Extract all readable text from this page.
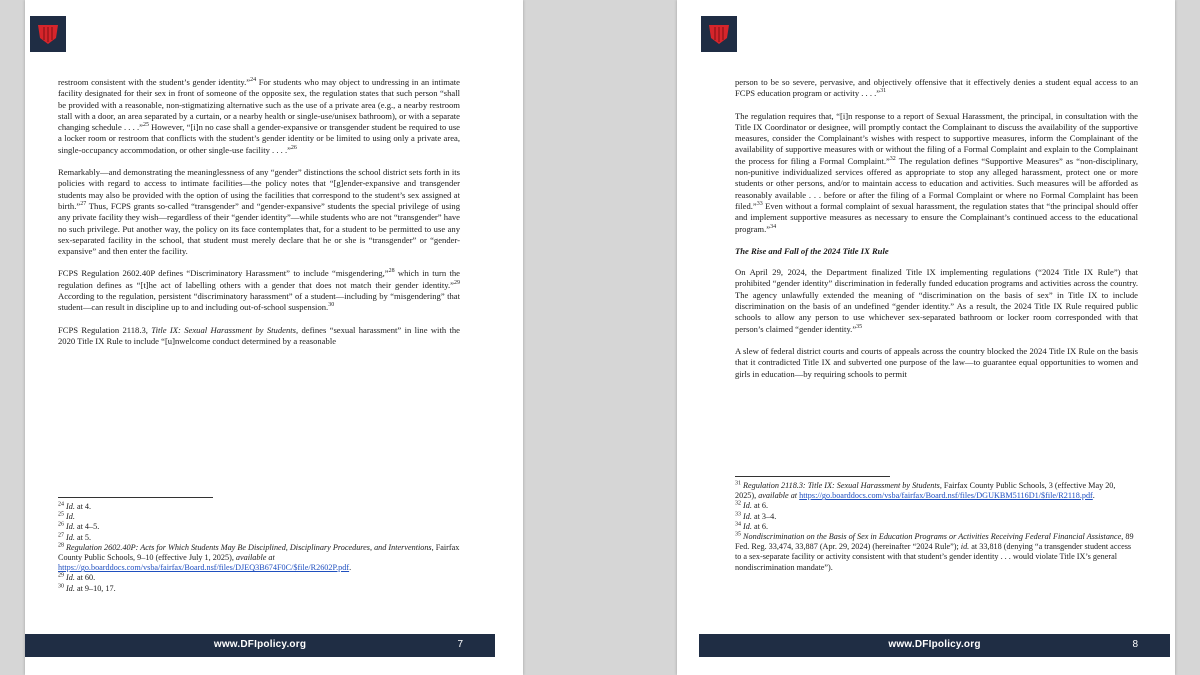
restroom consistent with the student’s gender identity.”$^{24}$ For students who may object to undressing in an intimate facility designated for their sex in front of someone of the opposite sex, the regulation states that such person “shall be provided with a reasonable, non-stigmatizing alternative such as the use of a private area (e.g., a nearby restroom stall with a door, an area separated by a curtain, or a nearby health or single-use/unisex bathroom), or with a separate changing schedule . . . .”$^{25}$ However, “[i]n no case shall a gender-expansive or transgender student be required to use a locker room or restroom that conflicts with the student’s gender identity or be limited to using only a private area, single-occupancy accommodation, or other single-use facility . . . .”$^{26}$

Remarkably—and demonstrating the meaninglessness of any “gender” distinctions the school district sets forth in its policies with regard to access to intimate facilities—the policy notes that “[g]ender-expansive and transgender students may also be provided with the option of using the facilities that correspond to the student’s sex assigned at birth.”$^{27}$ Thus, FCPS grants so-called “transgender” and “gender-expansive” students the special privilege of using any private facility they wish—regardless of their “gender identity”—while students who are not “transgender” have no such privilege. Put another way, the policy on its face contemplates that, for a student to be permitted to use any sex-separated facility in the school, that student must merely declare that he or she is “transgender” or “gender-expansive” and then enter the facility.

FCPS Regulation 2602.40P defines “Discriminatory Harassment” to include “misgendering,”$^{28}$ which in turn the regulation defines as “[t]he act of labelling others with a gender that does not match their gender identity.”$^{29}$ According to the regulation, persistent “discriminatory harassment” of a student—including by “misgendering” that student—can result in discipline up to and including out-of-school suspension.$^{30}$

FCPS Regulation 2118.3, Title IX: Sexual Harassment by Students, defines “sexual harassment” in line with the 2020 Title IX Rule to include “[u]nwelcome conduct determined by a reasonable

$^{24}$ Id. at 4.

$^{25}$ Id.

$^{26}$ Id. at 4–5.

$^{27}$ Id. at 5.

$^{28}$ Regulation 2602.40P: Acts for Which Students May Be Disciplined, Disciplinary Procedures, and Interventions, Fairfax County Public Schools, 9–10 (effective July 1, 2025), available at https://go.boarddocs.com/vsba/fairfax/Board.nsf/files/DJEQ3B674F0C/$file/R2602P.pdf.

$^{29}$ Id. at 60.

$^{30}$ Id. at 9–10, 17.

www.DFIpolicy.org	7

person to be so severe, pervasive, and objectively offensive that it effectively denies a student equal access to an FCPS education program or activity . . . .”$^{31}$

The regulation requires that, “[i]n response to a report of Sexual Harassment, the principal, in consultation with the Title IX Coordinator or designee, will promptly contact the Complainant to discuss the availability of the supportive measures, consider the Complainant’s wishes with respect to supportive measures, inform the Complainant of the availability of supportive measures with or without the filing of a Formal Complaint and explain to the Complainant the process for filing a Formal Complaint.”$^{32}$ The regulation defines “Supportive Measures” as “non-disciplinary, non-punitive individualized services offered as appropriate to stop any alleged harassment, protect one or more students or other persons, and/or to maintain access to education and activities. Such measures will be afforded as reasonably available . . . before or after the filing of a Formal Complaint or where no Formal Complaint has been filed.”$^{33}$ Even without a formal complaint of sexual harassment, the regulation states that “the principal should offer and implement supportive measures as necessary to ensure the Complainant’s continued access to the educational program.”$^{34}$

The Rise and Fall of the 2024 Title IX Rule

On April 29, 2024, the Department finalized Title IX implementing regulations (“2024 Title IX Rule”) that prohibited “gender identity” discrimination in federally funded education programs and activities across the country. The agency unlawfully extended the meaning of “discrimination on the basis of sex” in Title IX to include discrimination on the basis of an undefined “gender identity.” As a result, the 2024 Title IX Rule required public schools to allow any person to use whichever sex-separated bathroom or locker room corresponded with that person’s claimed “gender identity.”$^{35}$

A slew of federal district courts and courts of appeals across the country blocked the 2024 Title IX Rule on the basis that it contradicted Title IX and subverted one purpose of the law—to guarantee equal opportunities to women and girls in education—by requiring schools to permit

$^{31}$ Regulation 2118.3: Title IX: Sexual Harassment by Students, Fairfax County Public Schools, 3 (effective May 20, 2025), available at https://go.boarddocs.com/vsba/fairfax/Board.nsf/files/DGUKBM5116D1/$file/R2118.pdf.

$^{32}$ Id. at 6.

$^{33}$ Id. at 3–4.

$^{34}$ Id. at 6.

$^{35}$ Nondiscrimination on the Basis of Sex in Education Programs or Activities Receiving Federal Financial Assistance, 89 Fed. Reg. 33,474, 33,887 (Apr. 29, 2024) (hereinafter “2024 Rule”); id. at 33,818 (denying “a transgender student access to a sex-separate facility or activity consistent with that student’s gender identity . . . would violate Title IX’s general nondiscrimination mandate”).

www.DFIpolicy.org	8
